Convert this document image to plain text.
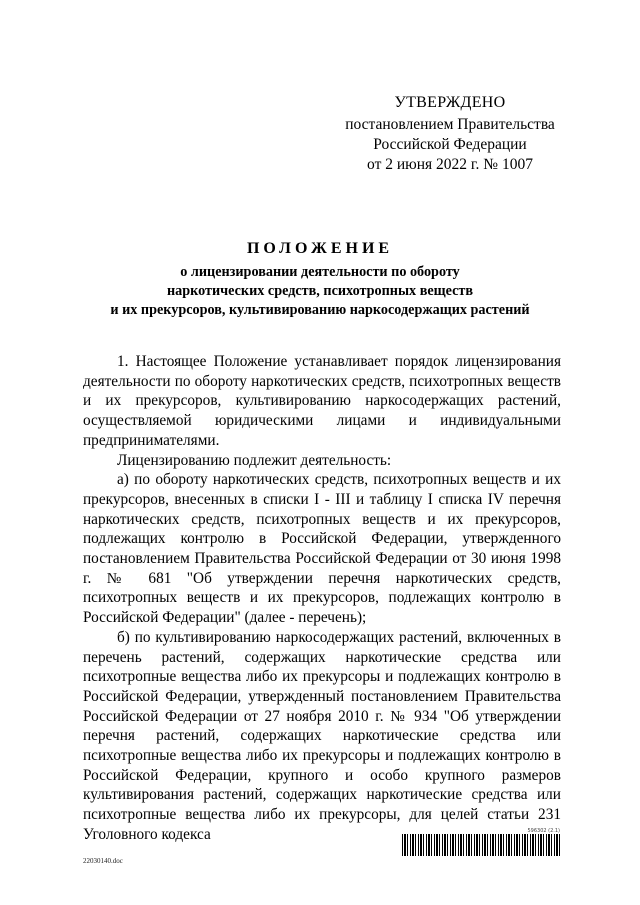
УТВЕРЖДЕНО
постановлением Правительства
Российской Федерации
от 2 июня 2022 г. № 1007
ПОЛОЖЕНИЕ
о лицензировании деятельности по обороту
наркотических средств, психотропных веществ
и их прекурсоров, культивированию наркосодержащих растений

1. Настоящее Положение устанавливает порядок лицензирования деятельности по обороту наркотических средств, психотропных веществ и их прекурсоров, культивированию наркосодержащих растений, осуществляемой юридическими лицами и индивидуальными предпринимателями.

Лицензированию подлежит деятельность:

а) по обороту наркотических средств, психотропных веществ и их прекурсоров, внесенных в списки I - III и таблицу I списка IV перечня наркотических средств, психотропных веществ и их прекурсоров, подлежащих контролю в Российской Федерации, утвержденного постановлением Правительства Российской Федерации от 30 июня 1998 г. № 681 "Об утверждении перечня наркотических средств, психотропных веществ и их прекурсоров, подлежащих контролю в Российской Федерации" (далее - перечень);

б) по культивированию наркосодержащих растений, включенных в перечень растений, содержащих наркотические средства или психотропные вещества либо их прекурсоры и подлежащих контролю в Российской Федерации, утвержденный постановлением Правительства Российской Федерации от 27 ноября 2010 г. № 934 "Об утверждении перечня растений, содержащих наркотические средства или психотропные вещества либо их прекурсоры и подлежащих контролю в Российской Федерации, крупного и особо крупного размеров культивирования растений, содержащих наркотические средства или психотропные вещества либо их прекурсоры, для целей статьи 231 Уголовного кодекса	596302 (2.1)
22030140.doc
